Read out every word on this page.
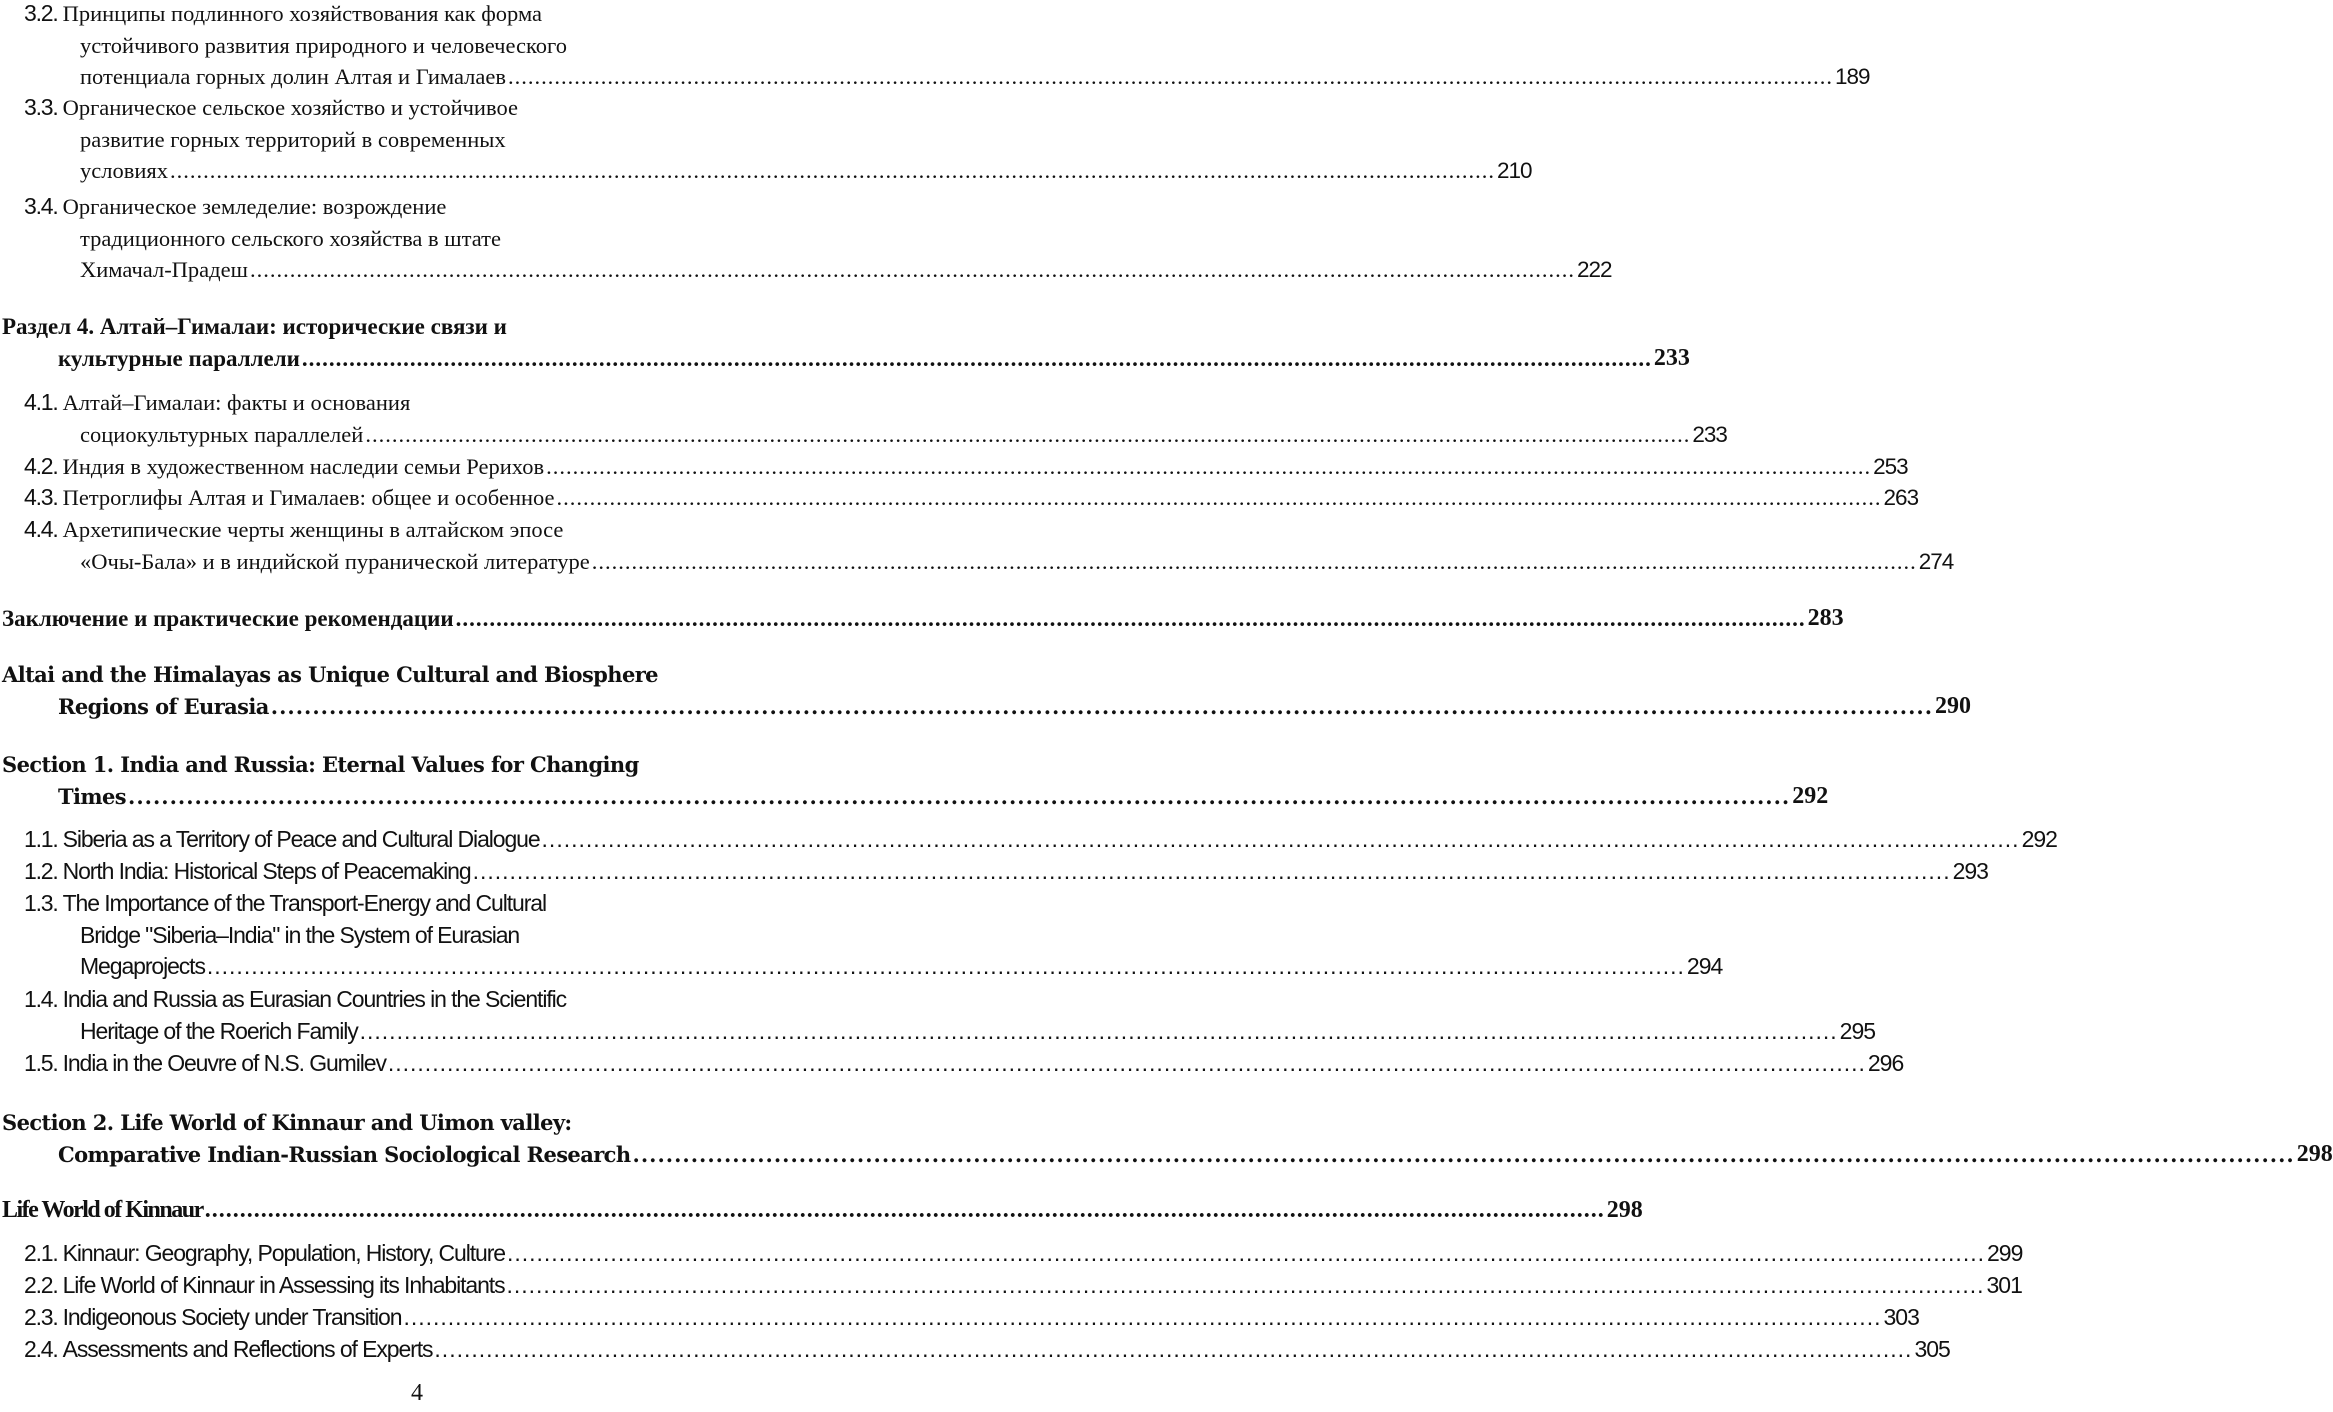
3.2. Принципы подлинного хозяйствования как форма
устойчивого развития природного и человеческого
потенциала горных долин Алтая и Гималаев ........................................................................................................................................................................................................ 189
3.3. Органическое сельское хозяйство и устойчивое
развитие горных территорий в современных
условиях ........................................................................................................................................................................................................ 210
3.4. Органическое земледелие: возрождение
традиционного сельского хозяйства в штате
Химачал-Прадеш ........................................................................................................................................................................................................ 222
Раздел 4. Алтай–Гималаи: исторические связи и
культурные параллели ........................................................................................................................................................................................................ 233
4.1. Алтай–Гималаи: факты и основания
социокультурных параллелей ........................................................................................................................................................................................................ 233
4.2. Индия в художественном наследии семьи Рерихов ........................................................................................................................................................................................................ 253
4.3. Петроглифы Алтая и Гималаев: общее и особенное ........................................................................................................................................................................................................ 263
4.4. Архетипические черты женщины в алтайском эпосе
«Очы-Бала» и в индийской пуранической литературе ........................................................................................................................................................................................................ 274
Заключение и практические рекомендации ........................................................................................................................................................................................................ 283
Altai and the Himalayas as Unique Cultural and Biosphere
Regions of Eurasia ........................................................................................................................................................................................................ 290
Section 1. India and Russia: Eternal Values for Changing
Times ........................................................................................................................................................................................................ 292
1.1. Siberia as a Territory of Peace and Cultural Dialogue ........................................................................................................................................................................................................ 292
1.2. North India: Historical Steps of Peacemaking ........................................................................................................................................................................................................ 293
1.3. The Importance of the Transport-Energy and Cultural
Bridge "Siberia–India" in the System of Eurasian
Megaprojects ........................................................................................................................................................................................................ 294
1.4. India and Russia as Eurasian Countries in the Scientific
Heritage of the Roerich Family ........................................................................................................................................................................................................ 295
1.5. India in the Oeuvre of N.S. Gumilev ........................................................................................................................................................................................................ 296
Section 2. Life World of Kinnaur and Uimon valley:
Comparative Indian-Russian Sociological Research ........................................................................................................................................................................................................ 298
Life World of Kinnaur ........................................................................................................................................................................................................ 298
2.1. Kinnaur: Geography, Population, History, Culture ........................................................................................................................................................................................................ 299
2.2. Life World of Kinnaur in Assessing its Inhabitants ........................................................................................................................................................................................................ 301
2.3. Indigeonous Society under Transition ........................................................................................................................................................................................................ 303
2.4. Assessments and Reflections of Experts ........................................................................................................................................................................................................ 305
4
